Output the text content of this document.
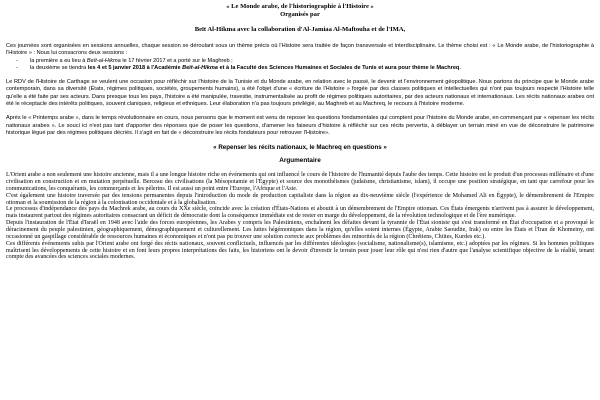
« Le Monde arabe, de l'historiographie à l'Histoire »
Organisés par
Beït Al-Hikma avec la collaboration d'Al-Jamiaa Al-Maftouha et de l'IMA,

Ces journées sont organisées en sessions annuelles, chaque session se déroulant sous un thème précis où l'Histoire sera traitée de façon transversale et interdisciplinaire. Le thème choisi est : « Le Monde arabe, de l'historiographie à l'Histoire » : Nous lui consacrons deux sessions :

- la première a eu lieu à Beït-al-Hikma le 17 février 2017 et a porté sur le Maghreb ;
- la deuxième se tiendra les 4 et 5 janvier 2018 à l'Académie Beït-al-Hikma et à la Faculté des Sciences Humaines et Sociales de Tunis et aura pour thème le Machreq.

Le RDV de l'Histoire de Carthage se veulent une occasion pour réfléchir sur l'histoire de la Tunisie et du Monde arabe, en relation avec le passé, le devenir et l'environnement géopolitique. Nous partons du principe que le Monde arabe contemporain, dans sa diversité (États, régimes politiques, sociétés, groupements humains), a été l'objet d'une « écriture de l'Histoire » forgée par des classes politiques et intellectuelles qui n'ont pas toujours respecté l'Histoire telle qu'elle a été faite par ses acteurs. Dans presque tous les pays, l'histoire a été manipulée, travestie, instrumentalisée au profit de régimes politiques autoritaires, par des acteurs nationaux et internationaux. Les récits nationaux arabes ont été le réceptacle des intérêts politiques, souvent claniques, religieux et ethniques. Leur élaboration n'a pas toujours privilégié, au Maghreb et au Machreq, le recours à l'histoire moderne.

Après le « Printemps arabe », dans le temps révolutionnaire en cours, nous pensons que le moment est venu de reposer les questions fondamentales qui comptent pour l'histoire du Monde arabe, en commençant par « repenser les récits nationaux arabes ». Le souci ici n'est pas tant d'apporter des réponses que de poser les questions, d'amener les faiseurs d'histoire à réfléchir sur ces récits pervertis, à déblayer un terrain miné en vue de déconstruire le patrimoine historique légué par des régimes politiques décriés. Il s'agit en fait de « déconstruire les récits fondateurs pour retrouver l'Histoire».

« Repenser les récits nationaux, le Machreq en questions »
Argumentaire

L'Orient arabe a non seulement une histoire ancienne, mais il a une longue histoire riche en événements qui ont influencé le cours de l'histoire de l'humanité depuis l'aube des temps. Cette histoire est le produit d'un processus millénaire et d'une civilisation en construction et en mutation perpétuelle. Berceau des civilisations (la Mésopotamie et l'Égypte) et source des monothéismes (judaïsme, christianisme, islam), il occupe une position stratégique, en tant que carrefour pour les communications, les conquérants, les commerçants et les pèlerins. Il est aussi un point entre l'Europe, l'Afrique et l'Asie.

C'est également une histoire traversée par des tensions permanentes depuis l'introduction du mode de production capitaliste dans la région au dix-neuvième siècle (l'expérience de Mohamed Ali en Égypte), le démembrement de l'Empire ottoman et la soumission de la région à la colonisation occidentale et à la globalisation.

Le processus d'indépendance des pays du Machrek arabe, au cours du XXe siècle, coïncide avec la création d'États-Nations et aboutit à un démembrement de l'Empire ottoman. Ces États émergents n'arrivent pas à assurer le développement, mais instaurent partout des régimes autoritaires consacrant un déficit de démocratie dont la conséquence immédiate est de rester en marge du développement, de la révolution technologique et de l'ère numérique.

Depuis l'instauration de l'État d'Israël en 1948 avec l'aide des forces européennes, les Arabes y compris les Palestiniens, enchaînent les défaites devant la tyrannie de l'État sioniste qui s'est transformé en État d'occupation et a provoqué le déracinement du peuple palestinien, géographiquement, démographiquement et culturellement. Les luttes hégémoniques dans la région, qu'elles soient internes (Égypte, Arabie Saoudite, Irak) ou entre les États et l'Iran de Khomeiny, ont occasionné un gaspillage considérable de ressources humaines et économiques et n'ont pas pu trouver une solution correcte aux problèmes des minorités de la région (Chrétiens, Chiites, Kurdes etc.).

Ces différents événements subis par l'Orient arabe ont forgé des récits nationaux, souvent conflictuels, influencés par les différentes idéologies (socialisme, nationalisme(s), islamisme, etc.) adoptées par les régimes. Si les hommes politiques maîtrisent les développements de cette histoire et en font leurs propres interprétations des faits, les historiens ont le devoir d'investir le terrain pour jouer leur rôle qui n'est rien d'autre que l'analyse scientifique objective de la réalité, tenant compte des avancées des sciences sociales modernes.
